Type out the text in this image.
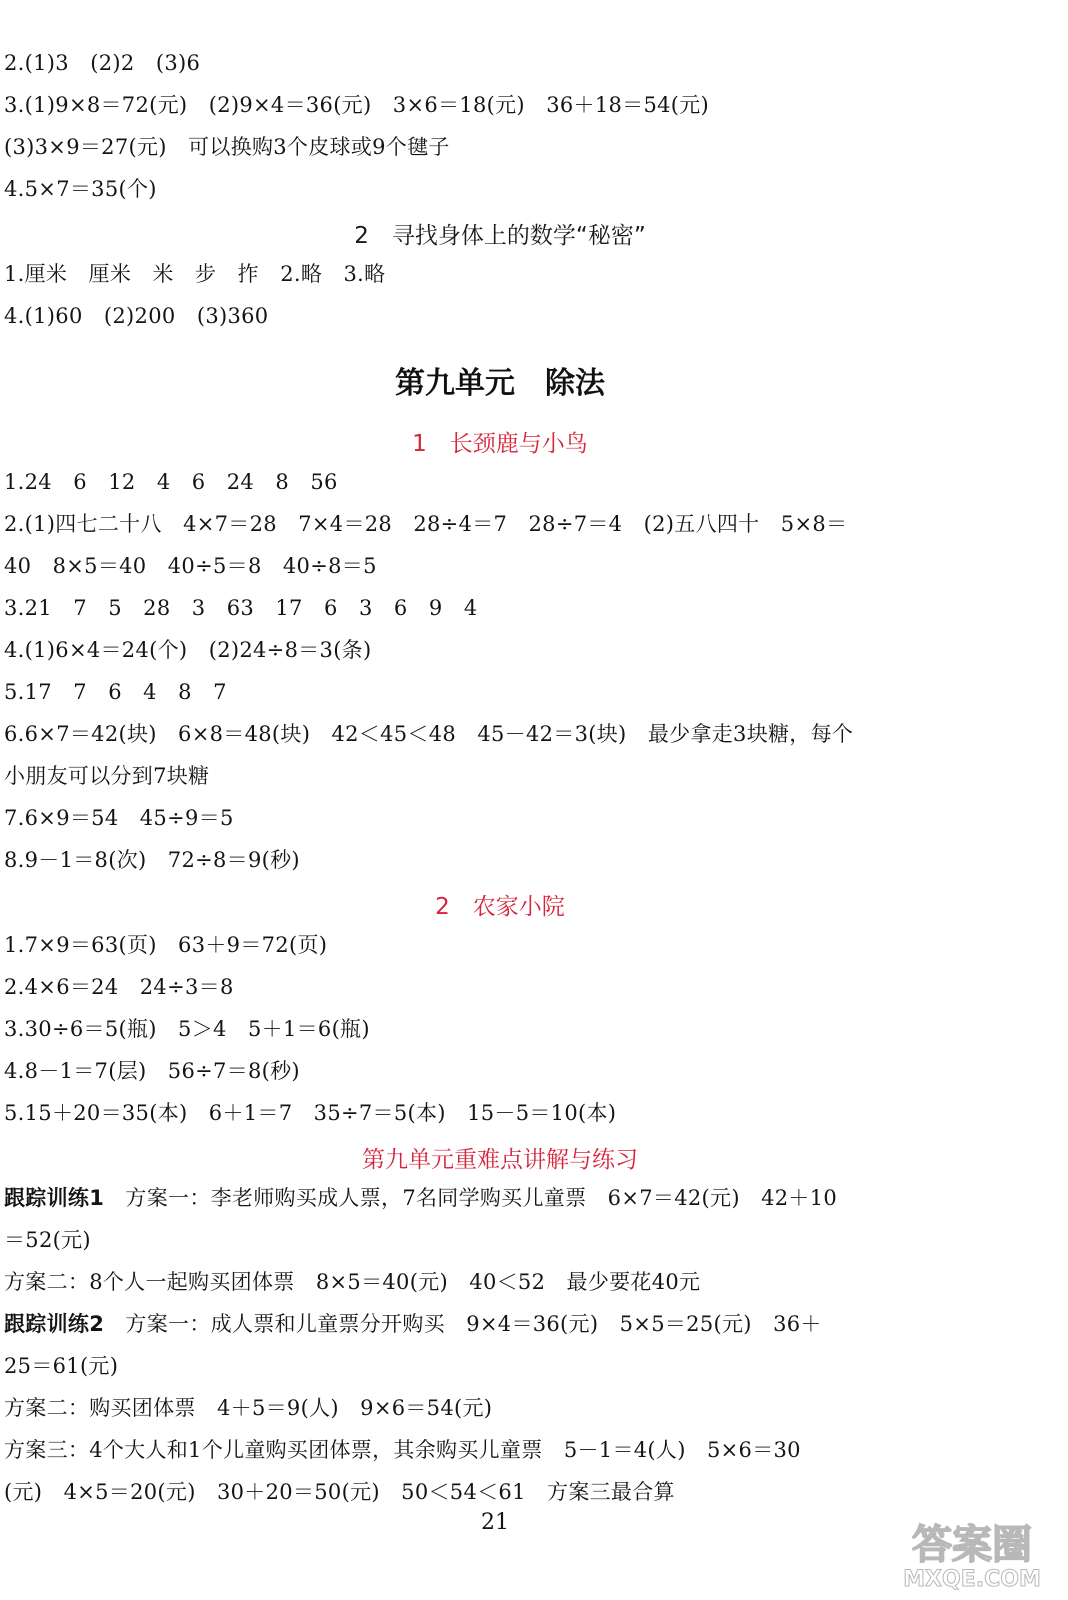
2.(1)3　(2)2　(3)6

3.(1)9×8＝72(元)　(2)9×4＝36(元)　3×6＝18(元)　36＋18＝54(元)

(3)3×9＝27(元)　可以换购3个皮球或9个毽子

4.5×7＝35(个)

2　寻找身体上的数学“秘密”

1.厘米　厘米　米　步　拃　2.略　3.略

4.(1)60　(2)200　(3)360

第九单元　除法

1　长颈鹿与小鸟

1.24　6　12　4　6　24　8　56

2.(1)四七二十八　4×7＝28　7×4＝28　28÷4＝7　28÷7＝4　(2)五八四十　5×8＝

40　8×5＝40　40÷5＝8　40÷8＝5

3.21　7　5　28　3　63　17　6　3　6　9　4

4.(1)6×4＝24(个)　(2)24÷8＝3(条)

5.17　7　6　4　8　7

6.6×7＝42(块)　6×8＝48(块)　42＜45＜48　45－42＝3(块)　最少拿走3块糖，每个

小朋友可以分到7块糖

7.6×9＝54　45÷9＝5

8.9－1＝8(次)　72÷8＝9(秒)

2　农家小院

1.7×9＝63(页)　63＋9＝72(页)

2.4×6＝24　24÷3＝8

3.30÷6＝5(瓶)　5＞4　5＋1＝6(瓶)

4.8－1＝7(层)　56÷7＝8(秒)

5.15＋20＝35(本)　6＋1＝7　35÷7＝5(本)　15－5＝10(本)

第九单元重难点讲解与练习

跟踪训练1　方案一：李老师购买成人票，7名同学购买儿童票　6×7＝42(元)　42＋10

＝52(元)

方案二：8个人一起购买团体票　8×5＝40(元)　40＜52　最少要花40元

跟踪训练2　方案一：成人票和儿童票分开购买　9×4＝36(元)　5×5＝25(元)　36＋

25＝61(元)

方案二：购买团体票　4＋5＝9(人)　9×6＝54(元)

方案三：4个大人和1个儿童购买团体票，其余购买儿童票　5－1＝4(人)　5×6＝30

(元)　4×5＝20(元)　30＋20＝50(元)　50＜54＜61　方案三最合算

21	答案圈
MXQE.COM
